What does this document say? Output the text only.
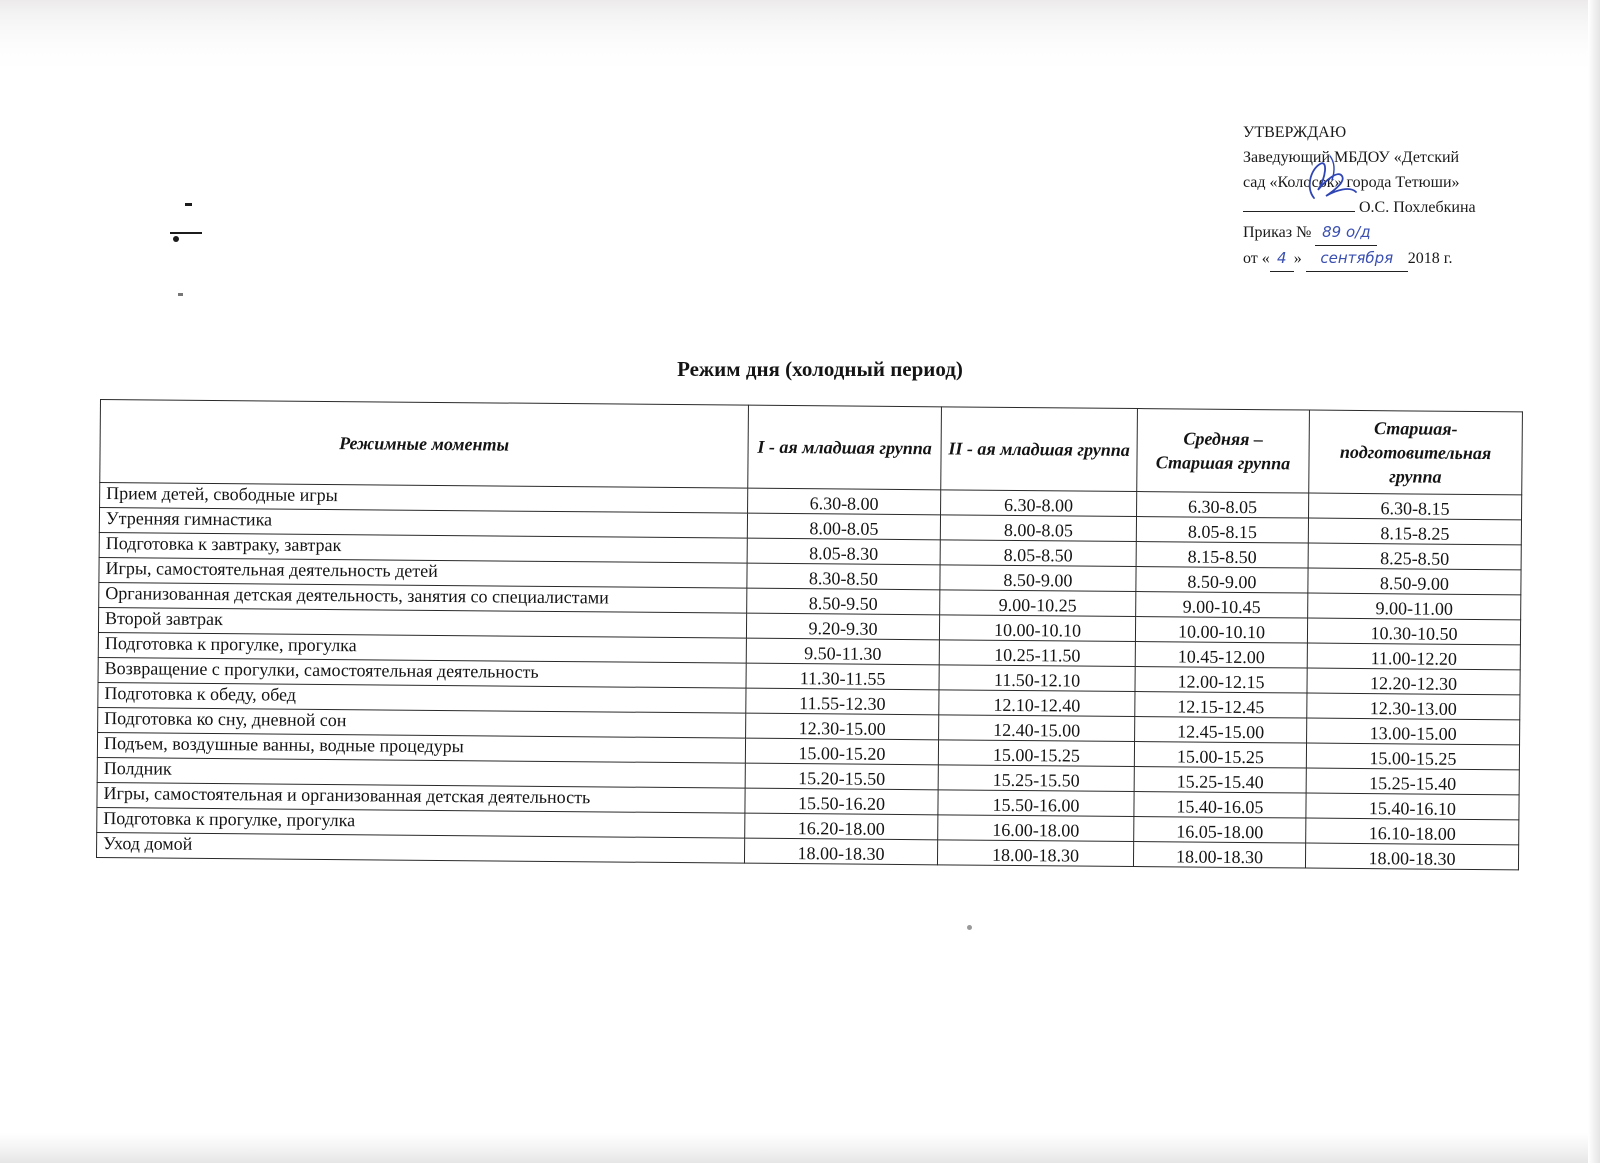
УТВЕРЖДАЮ
Заведующий МБДОУ «Детский
сад «Колосок» города Тетюши»
О.С. Похлебкина
Приказ № 89 о/д
от « 4 » сентября 2018 г.
Режим дня (холодный период)
Режимные моменты	I - ая младшая группа	II - ая младшая группа	Средняя – Старшая группа	Старшая-подготовительная группа
Прием детей, свободные игры	6.30-8.00	6.30-8.00	6.30-8.05	6.30-8.15
Утренняя гимнастика	8.00-8.05	8.00-8.05	8.05-8.15	8.15-8.25
Подготовка к завтраку, завтрак	8.05-8.30	8.05-8.50	8.15-8.50	8.25-8.50
Игры, самостоятельная деятельность детей	8.30-8.50	8.50-9.00	8.50-9.00	8.50-9.00
Организованная детская деятельность, занятия со специалистами	8.50-9.50	9.00-10.25	9.00-10.45	9.00-11.00
Второй завтрак	9.20-9.30	10.00-10.10	10.00-10.10	10.30-10.50
Подготовка к прогулке, прогулка	9.50-11.30	10.25-11.50	10.45-12.00	11.00-12.20
Возвращение с прогулки, самостоятельная деятельность	11.30-11.55	11.50-12.10	12.00-12.15	12.20-12.30
Подготовка к обеду, обед	11.55-12.30	12.10-12.40	12.15-12.45	12.30-13.00
Подготовка ко сну, дневной сон	12.30-15.00	12.40-15.00	12.45-15.00	13.00-15.00
Подъем, воздушные ванны, водные процедуры	15.00-15.20	15.00-15.25	15.00-15.25	15.00-15.25
Полдник	15.20-15.50	15.25-15.50	15.25-15.40	15.25-15.40
Игры, самостоятельная и организованная детская деятельность	15.50-16.20	15.50-16.00	15.40-16.05	15.40-16.10
Подготовка к прогулке, прогулка	16.20-18.00	16.00-18.00	16.05-18.00	16.10-18.00
Уход домой	18.00-18.30	18.00-18.30	18.00-18.30	18.00-18.30
